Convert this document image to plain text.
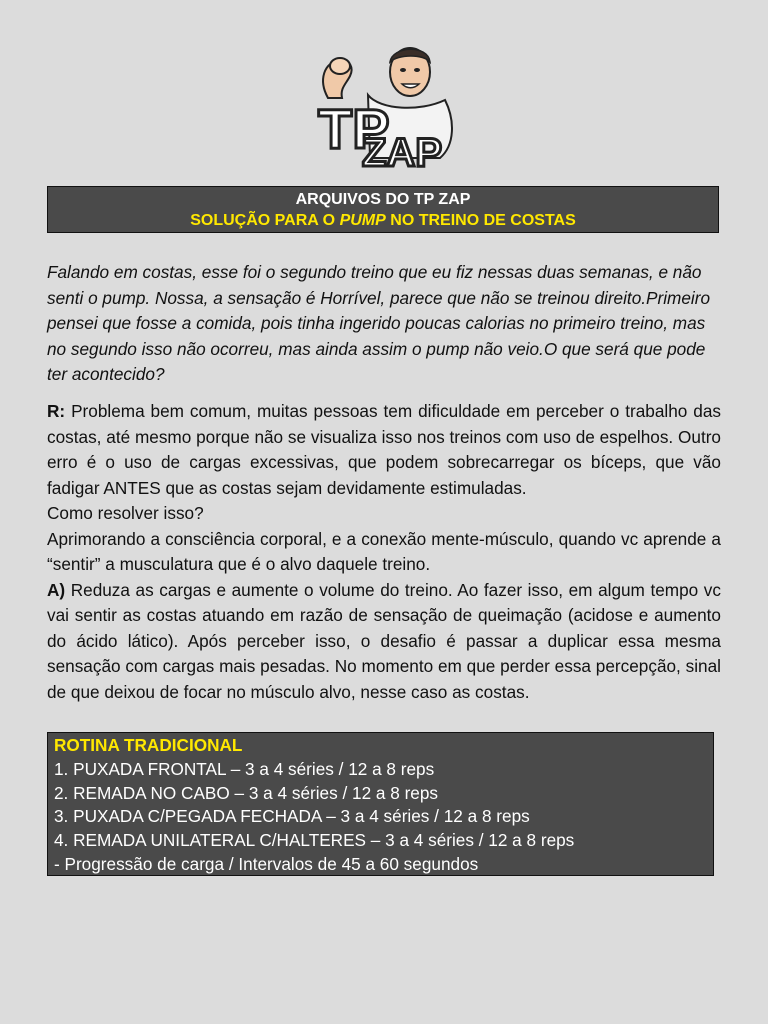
TP
ZAP
ARQUIVOS DO TP ZAP
SOLUÇÃO PARA O PUMP NO TREINO DE COSTAS

Falando em costas, esse foi o segundo treino que eu fiz nessas duas semanas, e não senti o pump. Nossa, a sensação é Horrível, parece que não se treinou direito.Primeiro pensei que fosse a comida, pois tinha ingerido poucas calorias no primeiro treino, mas no segundo isso não ocorreu, mas ainda assim o pump não veio.O que será que pode ter acontecido?

R: Problema bem comum, muitas pessoas tem dificuldade em perceber o trabalho das costas, até mesmo porque não se visualiza isso nos treinos com uso de espelhos. Outro erro é o uso de cargas excessivas, que podem sobrecarregar os bíceps, que vão fadigar ANTES que as costas sejam devidamente estimuladas.

Como resolver isso?

Aprimorando a consciência corporal, e a conexão mente-músculo, quando vc aprende a “sentir” a musculatura que é o alvo daquele treino.

A) Reduza as cargas e aumente o volume do treino. Ao fazer isso, em algum tempo vc vai sentir as costas atuando em razão de sensação de queimação (acidose e aumento do ácido lático). Após perceber isso, o desafio é passar a duplicar essa mesma sensação com cargas mais pesadas. No momento em que perder essa percepção, sinal de que deixou de focar no músculo alvo, nesse caso as costas.

ROTINA TRADICIONAL
1. PUXADA FRONTAL – 3 a 4 séries / 12 a 8 reps
2. REMADA NO CABO – 3 a 4 séries / 12 a 8 reps
3. PUXADA C/PEGADA FECHADA – 3 a 4 séries / 12 a 8 reps
4. REMADA UNILATERAL C/HALTERES – 3 a 4 séries / 12 a 8 reps
- Progressão de carga / Intervalos de 45 a 60 segundos
